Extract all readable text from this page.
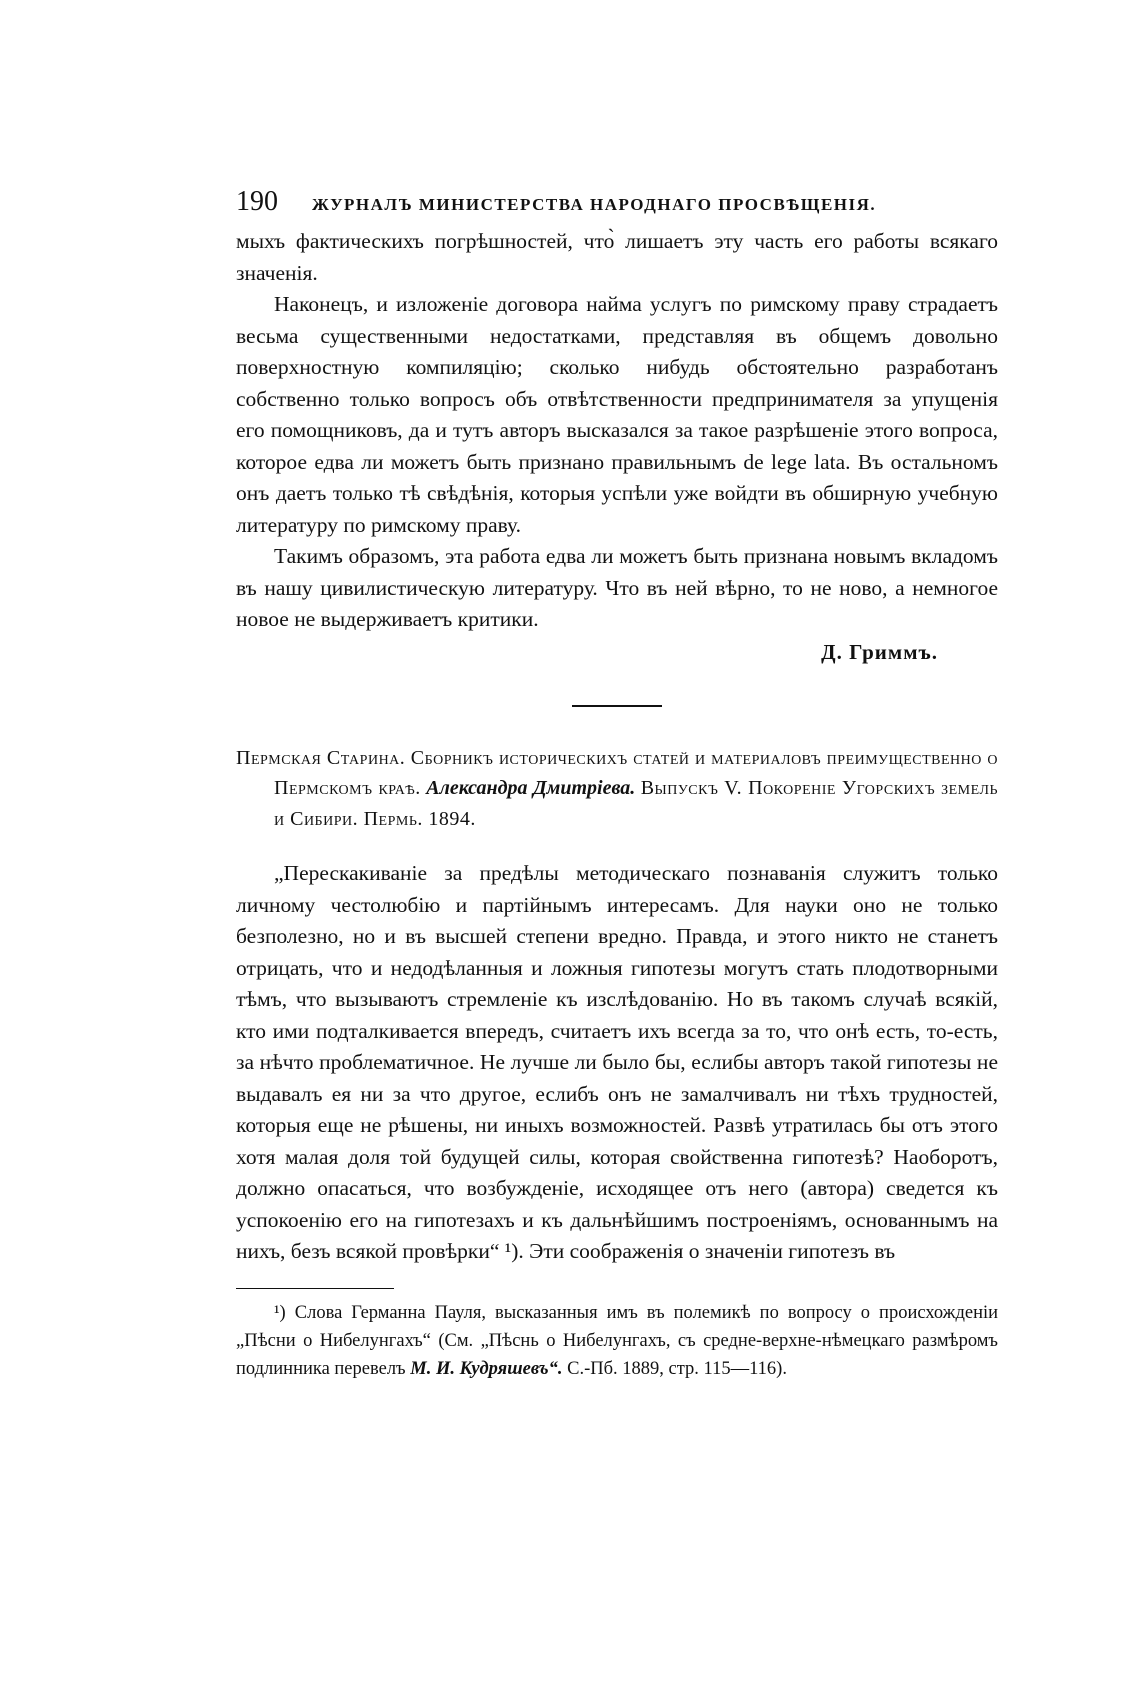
190 ЖУРНАЛЪ МИНИСТЕРСТВА НАРОДНАГО ПРОСВѢЩЕНІЯ.

мыхъ фактическихъ погрѣшностей, что̀ лишаетъ эту часть его работы всякаго значенія.

Наконецъ, и изложеніе договора найма услугъ по римскому праву страдаетъ весьма существенными недостатками, представляя въ общемъ довольно поверхностную компиляцію; сколько нибудь обстоятельно разработанъ собственно только вопросъ объ отвѣтственности предпринимателя за упущенія его помощниковъ, да и тутъ авторъ высказался за такое разрѣшеніе этого вопроса, которое едва ли можетъ быть признано правильнымъ de lege lata. Въ остальномъ онъ даетъ только тѣ свѣдѣнія, которыя успѣли уже войдти въ обширную учебную литературу по римскому праву.

Такимъ образомъ, эта работа едва ли можетъ быть признана новымъ вкладомъ въ нашу цивилистическую литературу. Что въ ней вѣрно, то не ново, а немногое новое не выдерживаетъ критики.

Д. Гриммъ.

Пермская Старина. Сборникъ историческихъ статей и материаловъ преимущественно о Пермскомъ краѣ. Александра Дмитріева. Выпускъ V. Покореніе Угорскихъ земель и Сибири. Пермь. 1894.

„Перескакиваніе за предѣлы методическаго познаванія служитъ только личному честолюбію и партійнымъ интересамъ. Для науки оно не только безполезно, но и въ высшей степени вредно. Правда, и этого никто не станетъ отрицать, что и недодѣланныя и ложныя гипотезы могутъ стать плодотворными тѣмъ, что вызываютъ стремленіе къ изслѣдованію. Но въ такомъ случаѣ всякій, кто ими подталкивается впередъ, считаетъ ихъ всегда за то, что онѣ есть, то-есть, за нѣчто проблематичное. Не лучше ли было бы, еслибы авторъ такой гипотезы не выдавалъ ея ни за что другое, еслибъ онъ не замалчивалъ ни тѣхъ трудностей, которыя еще не рѣшены, ни иныхъ возможностей. Развѣ утратилась бы отъ этого хотя малая доля той будущей силы, которая свойственна гипотезѣ? Наоборотъ, должно опасаться, что возбужденіе, исходящее отъ него (автора) сведется къ успокоенію его на гипотезахъ и къ дальнѣйшимъ построеніямъ, основаннымъ на нихъ, безъ всякой провѣрки“ ¹). Эти соображенія о значеніи гипотезъ въ

¹) Слова Германна Пауля, высказанныя имъ въ полемикѣ по вопросу о происхожденіи „Пѣсни о Нибелунгахъ“ (См. „Пѣснь о Нибелунгахъ, съ средне-верхне-нѣмецкаго размѣромъ подлинника перевелъ М. И. Кудряшевъ“. С.-Пб. 1889, стр. 115—116).
